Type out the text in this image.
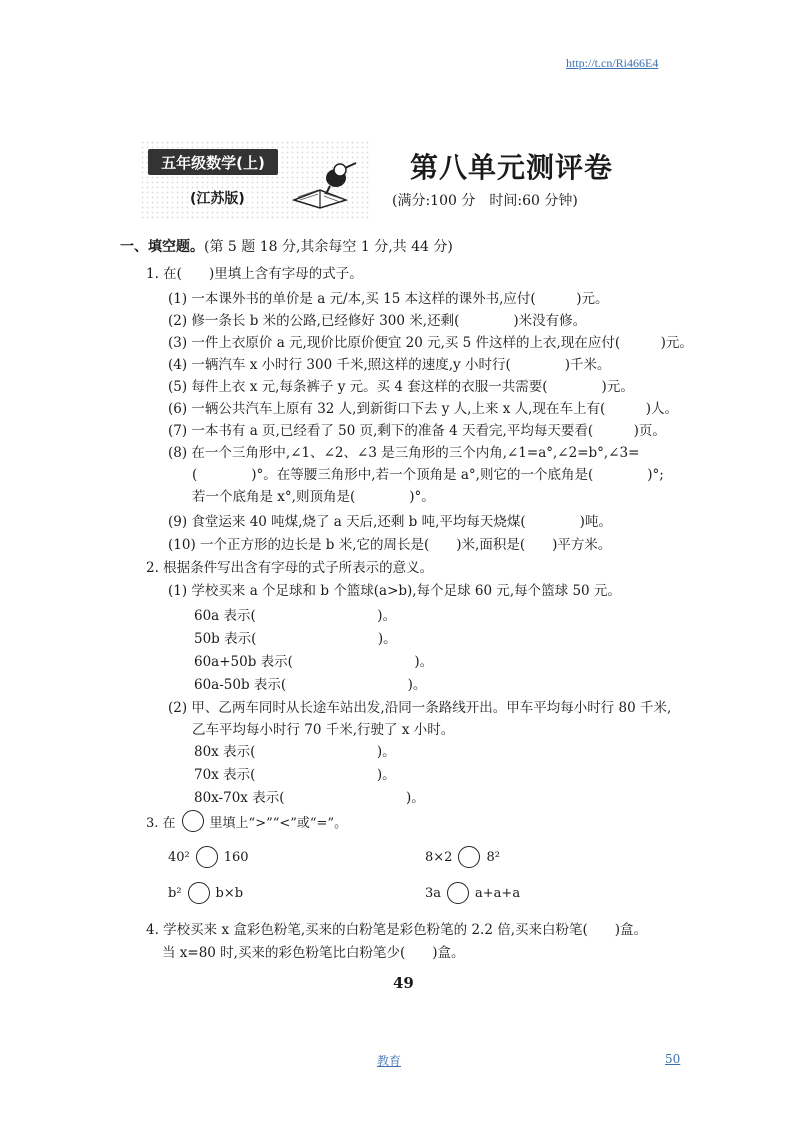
http://t.cn/Ri466E4
五年级数学(上)
(江苏版)
第八单元测评卷
(满分:100 分　时间:60 分钟)
一、填空题。(第 5 题 18 分,其余每空 1 分,共 44 分)
1. 在(　　)里填上含有字母的式子。
(1) 一本课外书的单价是 a 元/本,买 15 本这样的课外书,应付(　　　)元。
(2) 修一条长 b 米的公路,已经修好 300 米,还剩(　　　　)米没有修。
(3) 一件上衣原价 a 元,现价比原价便宜 20 元,买 5 件这样的上衣,现在应付(　　　)元。
(4) 一辆汽车 x 小时行 300 千米,照这样的速度,y 小时行(　　　　)千米。
(5) 每件上衣 x 元,每条裤子 y 元。买 4 套这样的衣服一共需要(　　　　)元。
(6) 一辆公共汽车上原有 32 人,到新街口下去 y 人,上来 x 人,现在车上有(　　　)人。
(7) 一本书有 a 页,已经看了 50 页,剩下的准备 4 天看完,平均每天要看(　　　)页。
(8) 在一个三角形中,∠1、∠2、∠3 是三角形的三个内角,∠1=a°,∠2=b°,∠3=
(　　　　)°。在等腰三角形中,若一个顶角是 a°,则它的一个底角是(　　　　)°;
若一个底角是 x°,则顶角是(　　　　)°。
(9) 食堂运来 40 吨煤,烧了 a 天后,还剩 b 吨,平均每天烧煤(　　　　)吨。
(10) 一个正方形的边长是 b 米,它的周长是(　　)米,面积是(　　)平方米。
2. 根据条件写出含有字母的式子所表示的意义。
(1) 学校买来 a 个足球和 b 个篮球(a>b),每个足球 60 元,每个篮球 50 元。
60a 表示(　　　　　　　　　)。
50b 表示(　　　　　　　　　)。
60a+50b 表示(　　　　　　　　　)。
60a-50b 表示(　　　　　　　　　)。
(2) 甲、乙两车同时从长途车站出发,沿同一条路线开出。甲车平均每小时行 80 千米,
乙车平均每小时行 70 千米,行驶了 x 小时。
80x 表示(　　　　　　　　　)。
70x 表示(　　　　　　　　　)。
80x-70x 表示(　　　　　　　　　)。
3. 在	里填上“>”“<”或“=”。
40²	160	8×2	8²
b²	b×b	3a	a+a+a
4. 学校买来 x 盒彩色粉笔,买来的白粉笔是彩色粉笔的 2.2 倍,买来白粉笔(　　)盒。
当 x=80 时,买来的彩色粉笔比白粉笔少(　　)盒。
49
教育	50
